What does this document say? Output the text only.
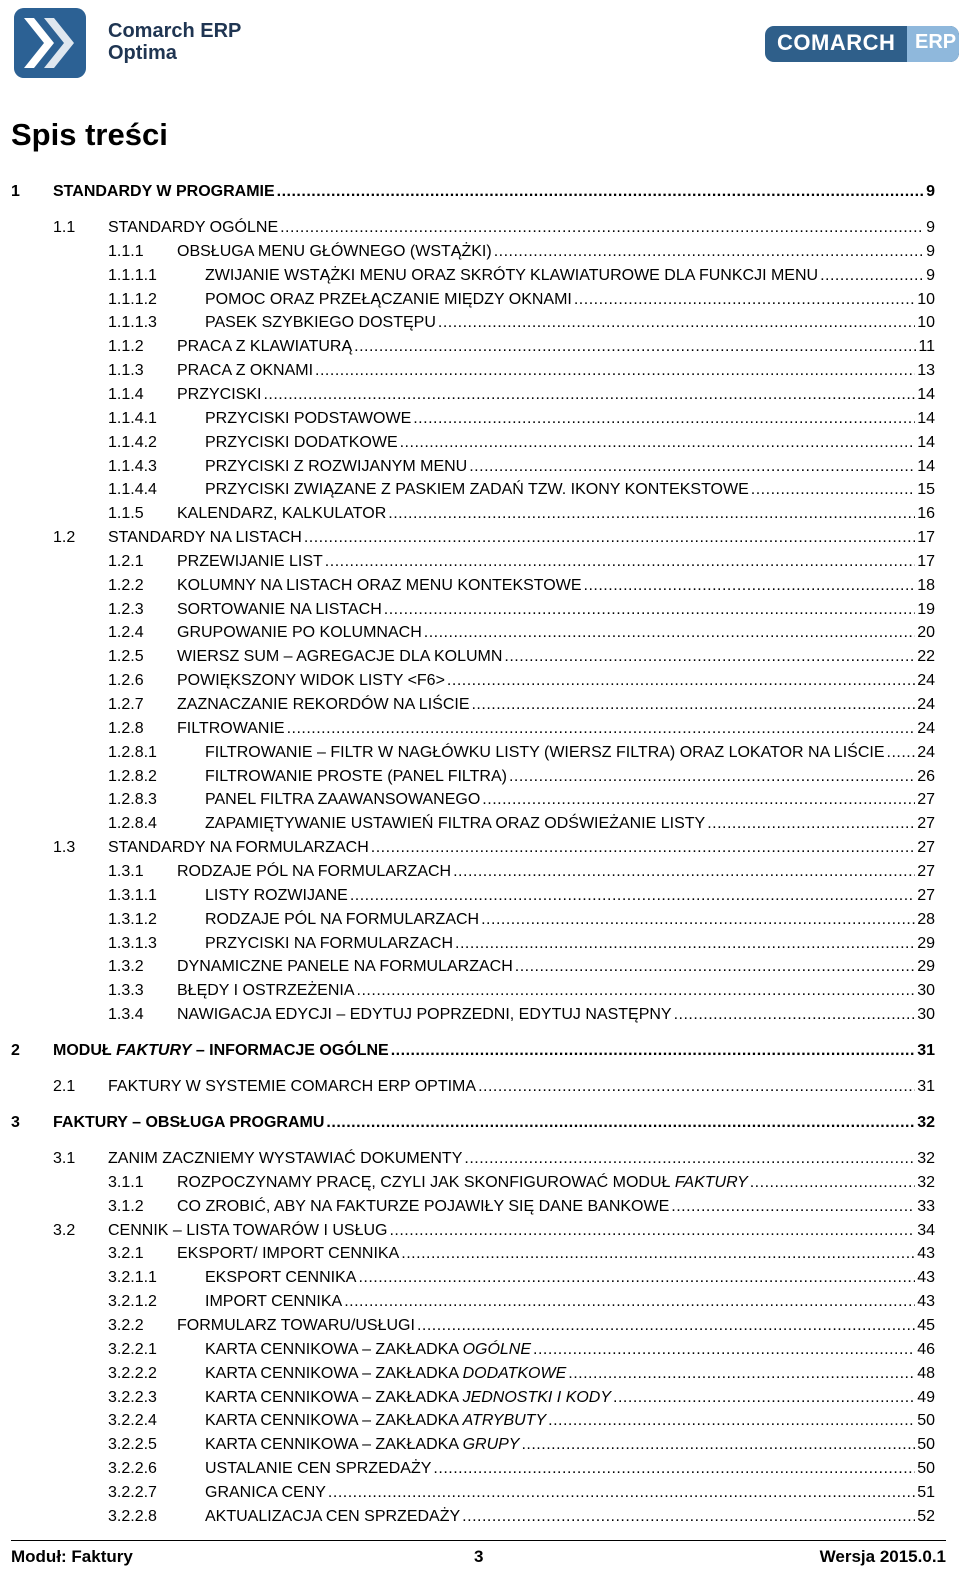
Comarch ERP
Optima	COMARCH ERP
Spis treści
1 STANDARDY W PROGRAMIE .....	9
1.1 STANDARDY OGÓLNE .....	9
1.1.1 OBSŁUGA MENU GŁÓWNEGO (WSTĄŻKI) .....	9
1.1.1.1	ZWIJANIE WSTĄŻKI MENU ORAZ SKRÓTY KLAWIATUROWE DLA FUNKCJI MENU .....	9
1.1.1.2	POMOC ORAZ PRZEŁĄCZANIE MIĘDZY OKNAMI .....	10
1.1.1.3	PASEK SZYBKIEGO DOSTĘPU .....	10
1.1.2 PRACA Z KLAWIATURĄ .....	11
1.1.3 PRACA Z OKNAMI .....	13
1.1.4 PRZYCISKI .....	14
1.1.4.1	PRZYCISKI PODSTAWOWE .....	14
1.1.4.2	PRZYCISKI DODATKOWE .....	14
1.1.4.3	PRZYCISKI Z ROZWIJANYM MENU .....	14
1.1.4.4	PRZYCISKI ZWIĄZANE Z PASKIEM ZADAŃ TZW. IKONY KONTEKSTOWE .....	15
1.1.5 KALENDARZ, KALKULATOR .....	16
1.2 STANDARDY NA LISTACH .....	17
1.2.1 PRZEWIJANIE LIST .....	17
1.2.2 KOLUMNY NA LISTACH ORAZ MENU KONTEKSTOWE .....	18
1.2.3 SORTOWANIE NA LISTACH .....	19
1.2.4 GRUPOWANIE PO KOLUMNACH .....	20
1.2.5 WIERSZ SUM – AGREGACJE DLA KOLUMN .....	22
1.2.6 POWIĘKSZONY WIDOK LISTY <F6> .....	24
1.2.7 ZAZNACZANIE REKORDÓW NA LIŚCIE .....	24
1.2.8 FILTROWANIE .....	24
1.2.8.1	FILTROWANIE – FILTR W NAGŁÓWKU LISTY (WIERSZ FILTRA) ORAZ LOKATOR NA LIŚCIE ..... 24
1.2.8.2	FILTROWANIE PROSTE (PANEL FILTRA) .....	26
1.2.8.3	PANEL FILTRA ZAAWANSOWANEGO .....	27
1.2.8.4	ZAPAMIĘTYWANIE USTAWIEŃ FILTRA ORAZ ODŚWIEŻANIE LISTY .....	27
1.3 STANDARDY NA FORMULARZACH .....	27
1.3.1 RODZAJE PÓL NA FORMULARZACH .....	27
1.3.1.1	LISTY ROZWIJANE .....	27
1.3.1.2	RODZAJE PÓL NA FORMULARZACH .....	28
1.3.1.3	PRZYCISKI NA FORMULARZACH .....	29
1.3.2 DYNAMICZNE PANELE NA FORMULARZACH .....	29
1.3.3 BŁĘDY I OSTRZEŻENIA .....	30
1.3.4 NAWIGACJA EDYCJI – EDYTUJ POPRZEDNI, EDYTUJ NASTĘPNY .....	30
2 MODUŁ FAKTURY – INFORMACJE OGÓLNE .....	31
2.1 FAKTURY W SYSTEMIE COMARCH ERP OPTIMA .....	31
3 FAKTURY – OBSŁUGA PROGRAMU .....	32
3.1 ZANIM ZACZNIEMY WYSTAWIAĆ DOKUMENTY .....	32
3.1.1 ROZPOCZYNAMY PRACĘ, CZYLI JAK SKONFIGUROWAĆ MODUŁ FAKTURY .....	32
3.1.2 CO ZROBIĆ, ABY NA FAKTURZE POJAWIŁY SIĘ DANE BANKOWE .....	33
3.2 CENNIK – LISTA TOWARÓW I USŁUG .....	34
3.2.1 EKSPORT/ IMPORT CENNIKA .....	43
3.2.1.1	EKSPORT CENNIKA .....	43
3.2.1.2	IMPORT CENNIKA .....	43
3.2.2 FORMULARZ TOWARU/USŁUGI .....	45
3.2.2.1	KARTA CENNIKOWA – ZAKŁADKA OGÓLNE .....	46
3.2.2.2	KARTA CENNIKOWA – ZAKŁADKA DODATKOWE .....	48
3.2.2.3	KARTA CENNIKOWA – ZAKŁADKA JEDNOSTKI I KODY .....	49
3.2.2.4	KARTA CENNIKOWA – ZAKŁADKA ATRYBUTY .....	50
3.2.2.5	KARTA CENNIKOWA – ZAKŁADKA GRUPY .....	50
3.2.2.6	USTALANIE CEN SPRZEDAŻY .....	50
3.2.2.7	GRANICA CENY .....	51
3.2.2.8	AKTUALIZACJA CEN SPRZEDAŻY .....	52
Moduł: Faktury	3	Wersja 2015.0.1
